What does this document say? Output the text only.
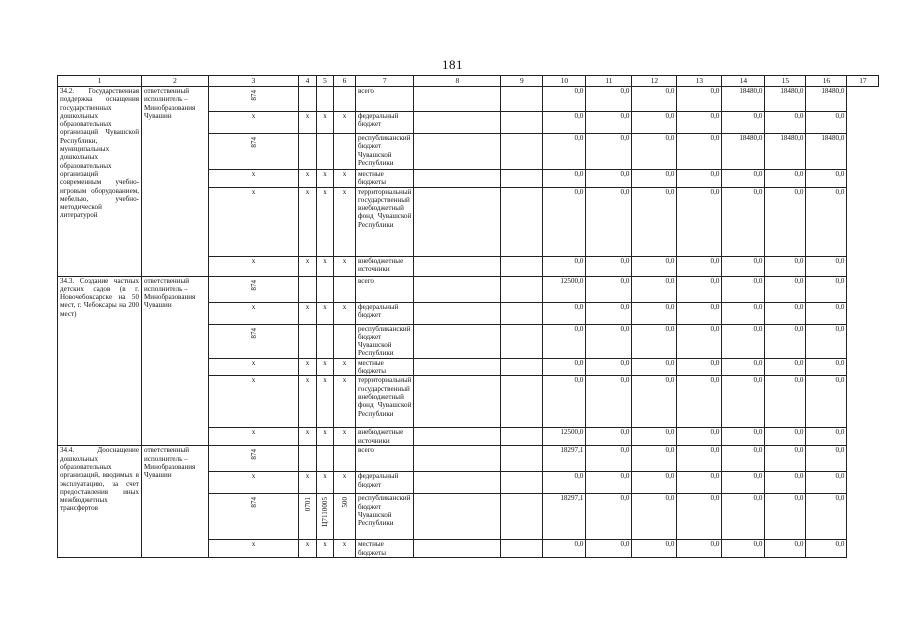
181
1	2	3	4	5	6	7	8	9	10	11	12	13	14	15	16	17
34.2. Государственная поддержка оснащения государственных дошкольных образовательных организаций Чувашской Республики, муниципальных дошкольных образовательных организаций современным учебно-игровым оборудованием, мебелью, учебно-методической литературой	ответственный исполнитель – Минобразования Чувашии	874				всего			0,0	0,0	0,0	0,0	18480,0	18480,0	18480,0	
		x	x	x	x	федеральный бюджет			0,0	0,0	0,0	0,0	0,0	0,0	0,0	

		874				республиканский бюджет Чувашской Республики			0,0	0,0	0,0	0,0	18480,0	18480,0	18480,0	
		x	x	x	x	местные бюджеты			0,0	0,0	0,0	0,0	0,0	0,0	0,0	
		x	x	x	x	территориальный государственный внебюджетный фонд Чувашской Республики			0,0	0,0	0,0	0,0	0,0	0,0	0,0	
		x	x	x	x	внебюджетные источники			0,0	0,0	0,0	0,0	0,0	0,0	0,0	
34.3. Создание частных детских садов (в г. Новочебоксарске на 50 мест, г. Чебоксары на 200 мест)	ответственный исполнитель – Минобразования Чувашии	874				всего			12500,0	0,0	0,0	0,0	0,0	0,0	0,0	
		x	x	x	x	федеральный бюджет			0,0	0,0	0,0	0,0	0,0	0,0	0,0	

		874				республиканский бюджет Чувашской Республики			0,0	0,0	0,0	0,0	0,0	0,0	0,0	
		x	x	x	x	местные бюджеты			0,0	0,0	0,0	0,0	0,0	0,0	0,0	
		x	x	x	x	территориальный государственный внебюджетный фонд Чувашской Республики			0,0	0,0	0,0	0,0	0,0	0,0	0,0	
		x	x	x	x	внебюджетные источники			12500,0	0,0	0,0	0,0	0,0	0,0	0,0	
34.4. Дооснащение дошкольных образовательных организаций, вводимых в эксплуатацию, за счет предоставления иных межбюджетных трансфертов	ответственный исполнитель – Минобразования Чувашии	874				всего			18297,1	0,0	0,0	0,0	0,0	0,0	0,0	
		x	x	x	x	федеральный бюджет			0,0	0,0	0,0	0,0	0,0	0,0	0,0	

		874	0701	Ц7110005	500	республиканский бюджет Чувашской Республики			18297,1	0,0	0,0	0,0	0,0	0,0	0,0	
		x	x	x	x	местные бюджеты			0,0	0,0	0,0	0,0	0,0	0,0	0,0	
